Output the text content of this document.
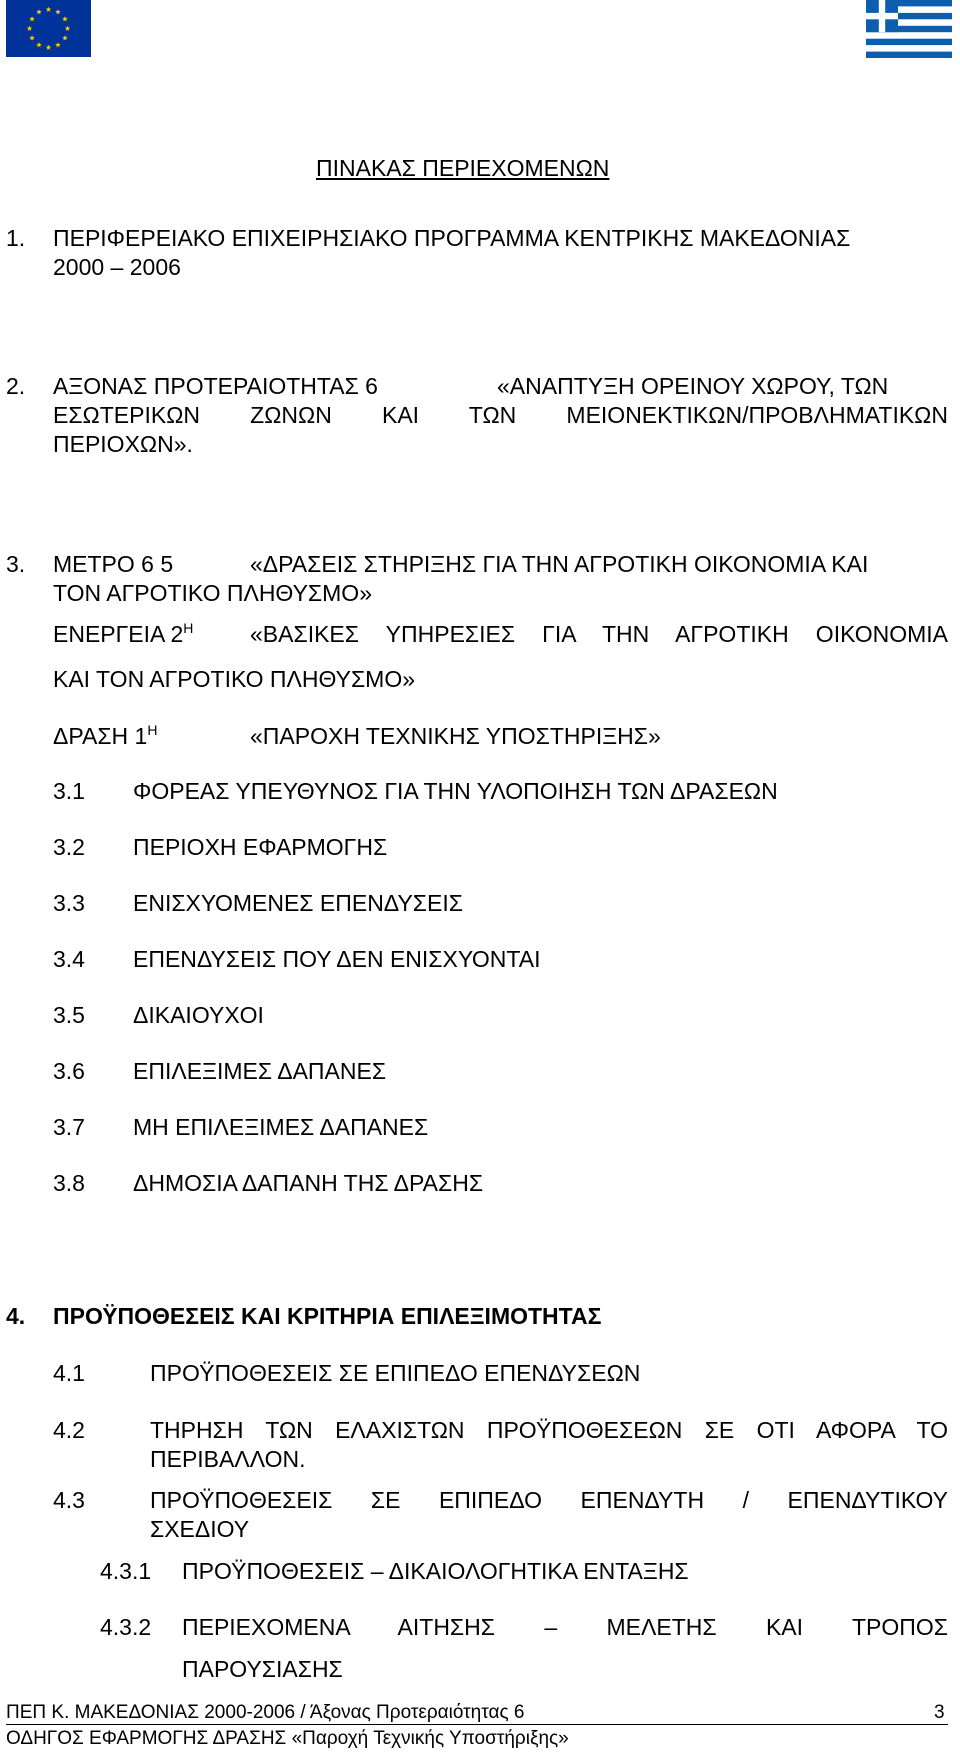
ΠΙΝΑΚΑΣ ΠΕΡΙΕΧΟΜΕΝΩΝ
1. ΠΕΡΙΦΕΡΕΙΑΚΟ ΕΠΙΧΕΙΡΗΣΙΑΚΟ ΠΡΟΓΡΑΜΜΑ ΚΕΝΤΡΙΚΗΣ ΜΑΚΕΔΟΝΙΑΣ
2000 – 2006
2. ΑΞΟΝΑΣ ΠΡΟΤΕΡΑΙΟΤΗΤΑΣ 6	«ΑΝΑΠΤΥΞΗ ΟΡΕΙΝΟΥ ΧΩΡΟΥ, ΤΩΝ
ΕΣΩΤΕΡΙΚΩΝ ΖΩΝΩΝ ΚΑΙ ΤΩΝ ΜΕΙΟΝΕΚΤΙΚΩΝ/ΠΡΟΒΛΗΜΑΤΙΚΩΝ
ΠΕΡΙΟΧΩΝ».
3. ΜΕΤΡΟ 6 5	«ΔΡΑΣΕΙΣ ΣΤΗΡΙΞΗΣ ΓΙΑ ΤΗΝ ΑΓΡΟΤΙΚΗ ΟΙΚΟΝΟΜΙΑ ΚΑΙ
ΤΟΝ ΑΓΡΟΤΙΚΟ ΠΛΗΘΥΣΜΟ»
ΕΝΕΡΓΕΙΑ $2^H$ «ΒΑΣΙΚΕΣ ΥΠΗΡΕΣΙΕΣ ΓΙΑ ΤΗΝ ΑΓΡΟΤΙΚΗ ΟΙΚΟΝΟΜΙΑ
ΚΑΙ ΤΟΝ ΑΓΡΟΤΙΚΟ ΠΛΗΘΥΣΜΟ»
ΔΡΑΣΗ $1^H$	«ΠΑΡΟΧΗ ΤΕΧΝΙΚΗΣ ΥΠΟΣΤΗΡΙΞΗΣ»
3.1 ΦΟΡΕΑΣ ΥΠΕΥΘΥΝΟΣ ΓΙΑ ΤΗΝ ΥΛΟΠΟΙΗΣΗ ΤΩΝ ΔΡΑΣΕΩΝ
3.2 ΠΕΡΙΟΧΗ ΕΦΑΡΜΟΓΗΣ
3.3 ΕΝΙΣΧΥΟΜΕΝΕΣ ΕΠΕΝΔΥΣΕΙΣ
3.4 ΕΠΕΝΔΥΣΕΙΣ ΠΟΥ ΔΕΝ ΕΝΙΣΧΥΟΝΤΑΙ
3.5 ΔΙΚΑΙΟΥΧΟΙ
3.6 ΕΠΙΛΕΞΙΜΕΣ ΔΑΠΑΝΕΣ
3.7 ΜΗ ΕΠΙΛΕΞΙΜΕΣ ΔΑΠΑΝΕΣ
3.8 ΔΗΜΟΣΙΑ ΔΑΠΑΝΗ ΤΗΣ ΔΡΑΣΗΣ
4. ΠΡΟΫΠΟΘΕΣΕΙΣ ΚΑΙ ΚΡΙΤΗΡΙΑ ΕΠΙΛΕΞΙΜΟΤΗΤΑΣ
4.1	ΠΡΟΫΠΟΘΕΣΕΙΣ ΣΕ ΕΠΙΠΕΔΟ ΕΠΕΝΔΥΣΕΩΝ
4.2	ΤΗΡΗΣΗ ΤΩΝ ΕΛΑΧΙΣΤΩΝ ΠΡΟΫΠΟΘΕΣΕΩΝ ΣΕ ΟΤΙ ΑΦΟΡΑ ΤΟ
ΠΕΡΙΒΑΛΛΟΝ.
4.3	ΠΡΟΫΠΟΘΕΣΕΙΣ ΣΕ ΕΠΙΠΕΔΟ ΕΠΕΝΔΥΤΗ / ΕΠΕΝΔΥΤΙΚΟΥ
ΣΧΕΔΙΟΥ
4.3.1 ΠΡΟΫΠΟΘΕΣΕΙΣ – ΔΙΚΑΙΟΛΟΓΗΤΙΚΑ ΕΝΤΑΞΗΣ
4.3.2 ΠΕΡΙΕΧΟΜΕΝΑ ΑΙΤΗΣΗΣ – ΜΕΛΕΤΗΣ ΚΑΙ ΤΡΟΠΟΣ
ΠΑΡΟΥΣΙΑΣΗΣ
ΠΕΠ Κ. ΜΑΚΕΔΟΝΙΑΣ 2000-2006 / Άξονας Προτεραιότητας 6	3
ΟΔΗΓΟΣ ΕΦΑΡΜΟΓΗΣ ΔΡΑΣΗΣ «Παροχή Τεχνικής Υποστήριξης»
